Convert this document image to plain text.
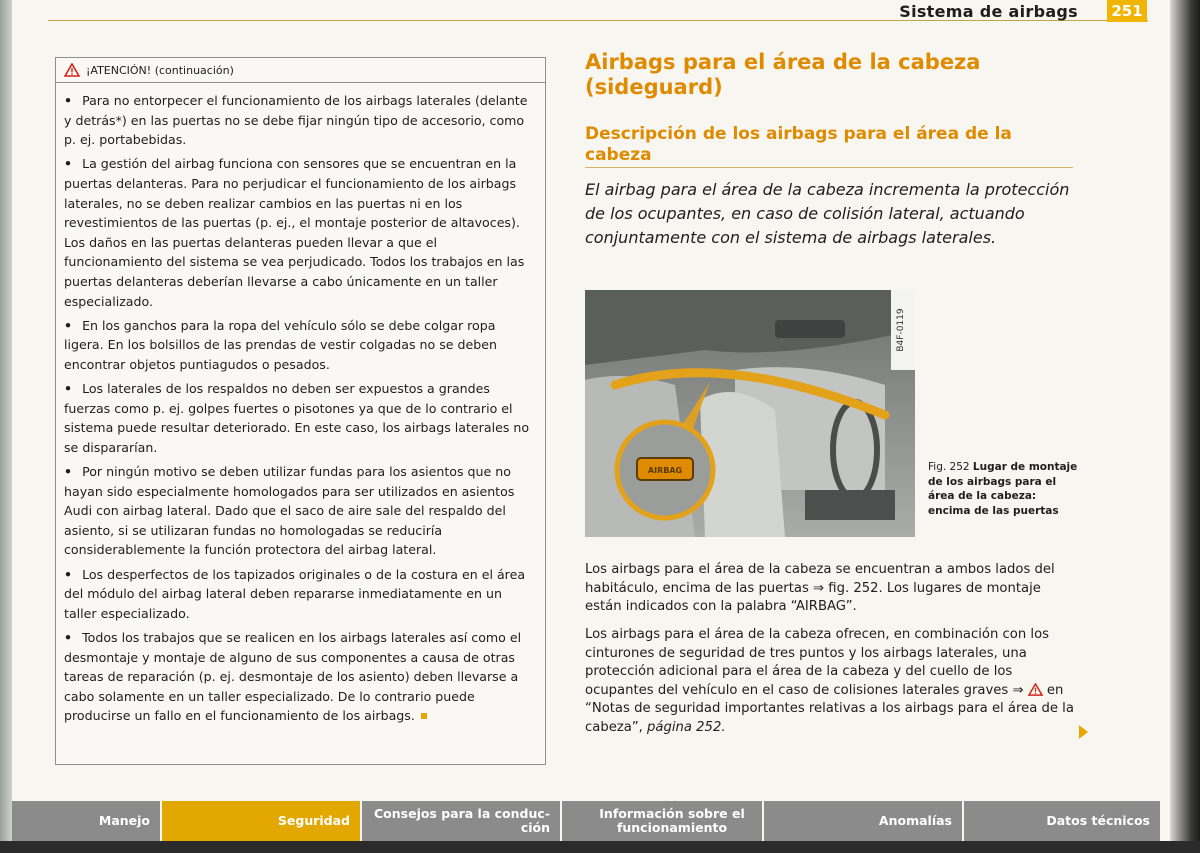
Sistema de airbags 251
¡ATENCIÓN! (continuación)

• Para no entorpecer el funcionamiento de los airbags laterales (delante y detrás*) en las puertas no se debe fijar ningún tipo de accesorio, como p. ej. portabebidas.

• La gestión del airbag funciona con sensores que se encuentran en la puertas delanteras. Para no perjudicar el funcionamiento de los airbags laterales, no se deben realizar cambios en las puertas ni en los revestimientos de las puertas (p. ej., el montaje posterior de altavoces). Los daños en las puertas delanteras pueden llevar a que el funcionamiento del sistema se vea perjudicado. Todos los trabajos en las puertas delanteras deberían llevarse a cabo únicamente en un taller especializado.

• En los ganchos para la ropa del vehículo sólo se debe colgar ropa ligera. En los bolsillos de las prendas de vestir colgadas no se deben encontrar objetos puntiagudos o pesados.

• Los laterales de los respaldos no deben ser expuestos a grandes fuerzas como p. ej. golpes fuertes o pisotones ya que de lo contrario el sistema puede resultar deteriorado. En este caso, los airbags laterales no se dispararían.

• Por ningún motivo se deben utilizar fundas para los asientos que no hayan sido especialmente homologados para ser utilizados en asientos Audi con airbag lateral. Dado que el saco de aire sale del respaldo del asiento, si se utilizaran fundas no homologadas se reduciría considerablemente la función protectora del airbag lateral.

• Los desperfectos de los tapizados originales o de la costura en el área del módulo del airbag lateral deben repararse inmediatamente en un taller especializado.

• Todos los trabajos que se realicen en los airbags laterales así como el desmontaje y montaje de alguno de sus componentes a causa de otras tareas de reparación (p. ej. desmontaje de los asiento) deben llevarse a cabo solamente en un taller especializado. De lo contrario puede producirse un fallo en el funcionamiento de los airbags.

Airbags para el área de la cabeza (sideguard)
Descripción de los airbags para el área de la cabeza
El airbag para el área de la cabeza incrementa la protección de los ocupantes, en caso de colisión lateral, actuando conjuntamente con el sistema de airbags laterales.
AIRBAG
B4F-0119
Fig. 252 Lugar de montaje de los airbags para el área de la cabeza: encima de las puertas

Los airbags para el área de la cabeza se encuentran a ambos lados del habitáculo, encima de las puertas ⇒ fig. 252. Los lugares de montaje están indicados con la palabra “AIRBAG”.

Los airbags para el área de la cabeza ofrecen, en combinación con los cinturones de seguridad de tres puntos y los airbags laterales, una protección adicional para el área de la cabeza y del cuello de los ocupantes del vehículo en el caso de colisiones laterales graves ⇒ en “Notas de seguridad importantes relativas a los airbags para el área de la cabeza”, página 252.

Manejo	Seguridad	Consejos para la conducción
Información sobre el funcionamiento	Anomalías	Datos técnicos
